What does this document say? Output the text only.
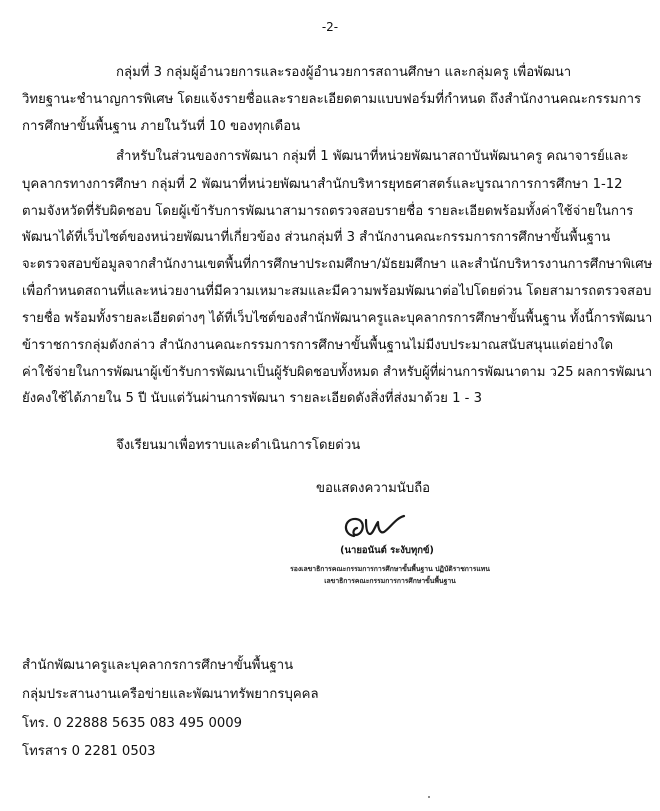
-2-
กลุ่มที่ 3 กลุ่มผู้อำนวยการและรองผู้อำนวยการสถานศึกษา และกลุ่มครู เพื่อพัฒนา
วิทยฐานะชำนาญการพิเศษ โดยแจ้งรายชื่อและรายละเอียดตามแบบฟอร์มที่กำหนด ถึงสำนักงานคณะกรรมการ
การศึกษาขั้นพื้นฐาน ภายในวันที่ 10 ของทุกเดือน
สำหรับในส่วนของการพัฒนา กลุ่มที่ 1 พัฒนาที่หน่วยพัฒนาสถาบันพัฒนาครู คณาจารย์และ
บุคลากรทางการศึกษา กลุ่มที่ 2 พัฒนาที่หน่วยพัฒนาสำนักบริหารยุทธศาสตร์และบูรณาการการศึกษา 1-12
ตามจังหวัดที่รับผิดชอบ โดยผู้เข้ารับการพัฒนาสามารถตรวจสอบรายชื่อ รายละเอียดพร้อมทั้งค่าใช้จ่ายในการ
พัฒนาได้ที่เว็บไซต์ของหน่วยพัฒนาที่เกี่ยวข้อง ส่วนกลุ่มที่ 3 สำนักงานคณะกรรมการการศึกษาขั้นพื้นฐาน
จะตรวจสอบข้อมูลจากสำนักงานเขตพื้นที่การศึกษาประถมศึกษา/มัธยมศึกษา และสำนักบริหารงานการศึกษาพิเศษ
เพื่อกำหนดสถานที่และหน่วยงานที่มีความเหมาะสมและมีความพร้อมพัฒนาต่อไปโดยด่วน โดยสามารถตรวจสอบ
รายชื่อ พร้อมทั้งรายละเอียดต่างๆ ได้ที่เว็บไซต์ของสำนักพัฒนาครูและบุคลากรการศึกษาขั้นพื้นฐาน ทั้งนี้การพัฒนา
ข้าราชการกลุ่มดังกล่าว สำนักงานคณะกรรมการการศึกษาขั้นพื้นฐานไม่มีงบประมาณสนับสนุนแต่อย่างใด
ค่าใช้จ่ายในการพัฒนาผู้เข้ารับการพัฒนาเป็นผู้รับผิดชอบทั้งหมด สำหรับผู้ที่ผ่านการพัฒนาตาม ว25 ผลการพัฒนา
ยังคงใช้ได้ภายใน 5 ปี นับแต่วันผ่านการพัฒนา รายละเอียดดังสิ่งที่ส่งมาด้วย 1 - 3
จึงเรียนมาเพื่อทราบและดำเนินการโดยด่วน
ขอแสดงความนับถือ
(นายอนันต์ ระงับทุกข์)
รองเลขาธิการคณะกรรมการการศึกษาขั้นพื้นฐาน ปฏิบัติราชการแทน
เลขาธิการคณะกรรมการการศึกษาขั้นพื้นฐาน
สำนักพัฒนาครูและบุคลากรการศึกษาขั้นพื้นฐาน
กลุ่มประสานงานเครือข่ายและพัฒนาทรัพยากรบุคคล
โทร. 0 22888 5635 083 495 0009
โทรสาร 0 2281 0503
